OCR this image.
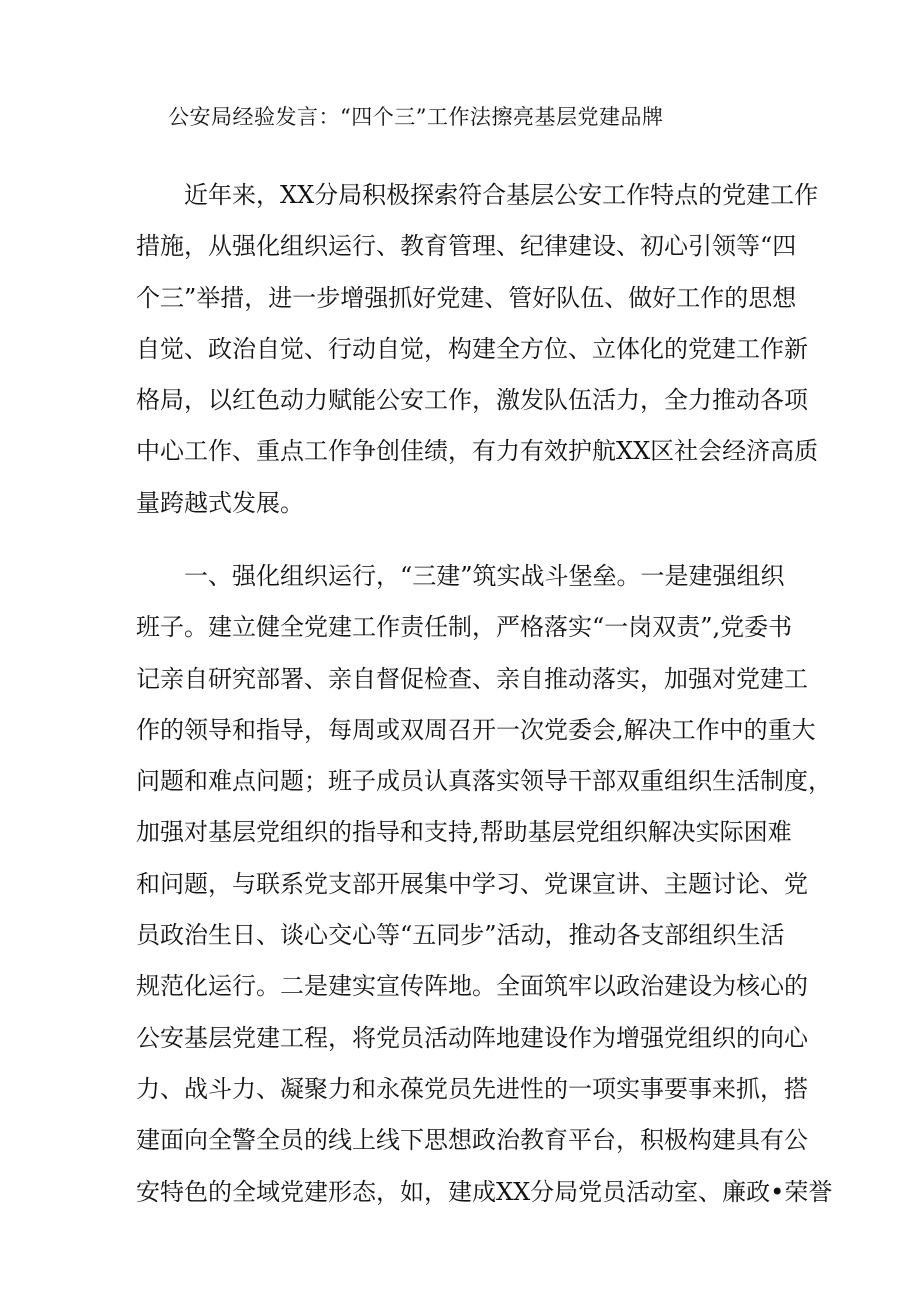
公安局经验发言：“四个三”工作法擦亮基层党建品牌
近年来，XX分局积极探索符合基层公安工作特点的党建工作
措施，从强化组织运行、教育管理、纪律建设、初心引领等“四
个三”举措，进一步增强抓好党建、管好队伍、做好工作的思想
自觉、政治自觉、行动自觉，构建全方位、立体化的党建工作新
格局，以红色动力赋能公安工作，激发队伍活力，全力推动各项
中心工作、重点工作争创佳绩，有力有效护航XX区社会经济高质
量跨越式发展。
一、强化组织运行，“三建”筑实战斗堡垒。一是建强组织
班子。建立健全党建工作责任制，严格落实“一岗双责”,党委书
记亲自研究部署、亲自督促检查、亲自推动落实，加强对党建工
作的领导和指导，每周或双周召开一次党委会,解决工作中的重大
问题和难点问题；班子成员认真落实领导干部双重组织生活制度，
加强对基层党组织的指导和支持,帮助基层党组织解决实际困难
和问题，与联系党支部开展集中学习、党课宣讲、主题讨论、党
员政治生日、谈心交心等“五同步”活动，推动各支部组织生活
规范化运行。二是建实宣传阵地。全面筑牢以政治建设为核心的
公安基层党建工程，将党员活动阵地建设作为增强党组织的向心
力、战斗力、凝聚力和永葆党员先进性的一项实事要事来抓，搭
建面向全警全员的线上线下思想政治教育平台，积极构建具有公
安特色的全域党建形态，如，建成XX分局党员活动室、廉政•荣誉
